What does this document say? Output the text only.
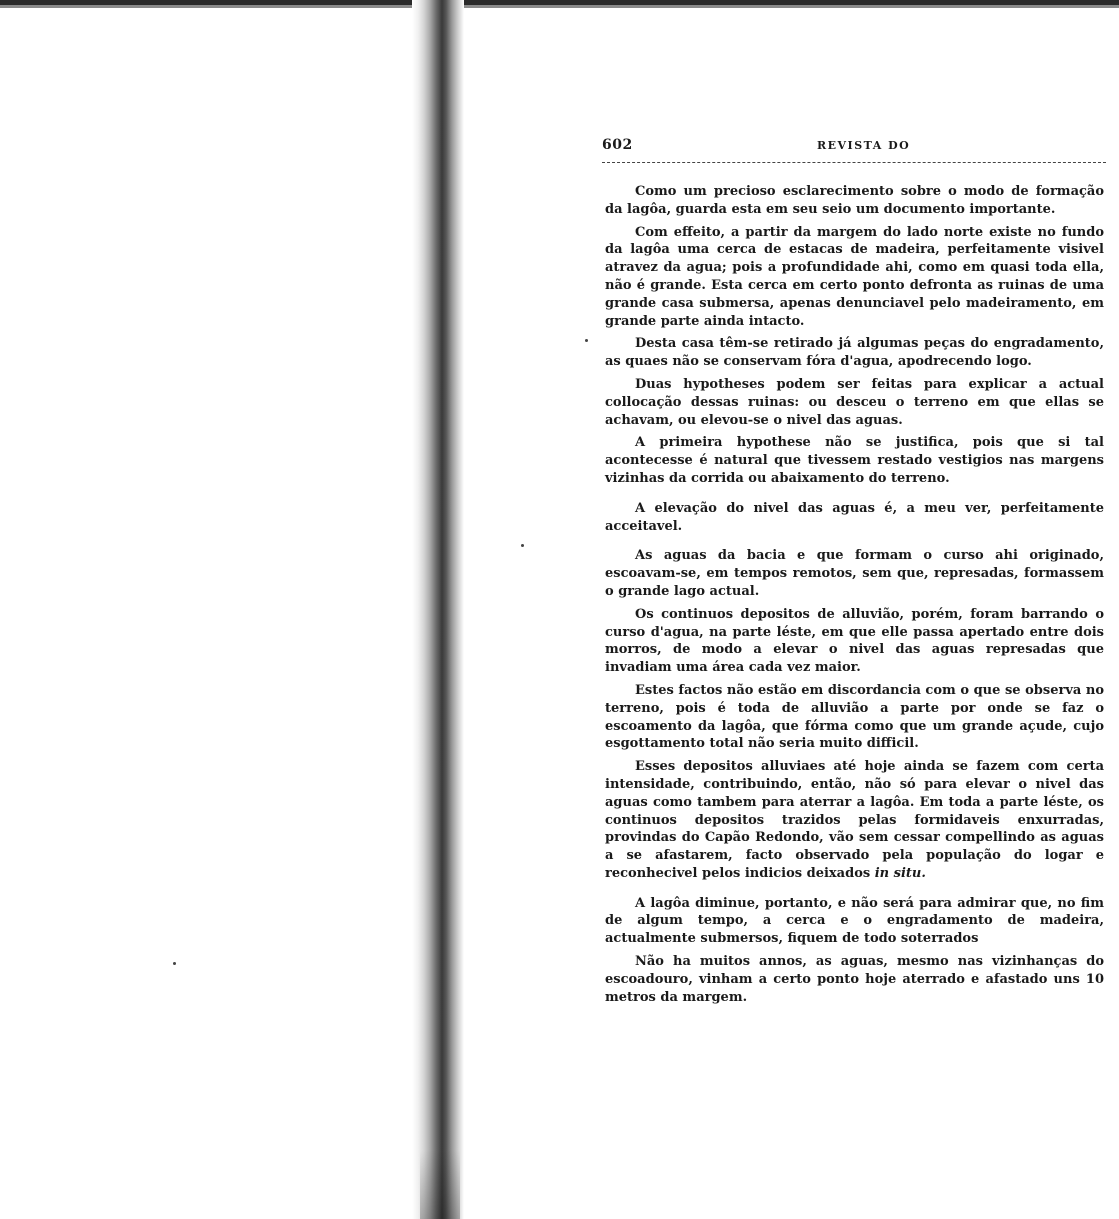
602	REVISTA DO

Como um precioso esclarecimento sobre o modo de formação da lagôa, guarda esta em seu seio um documento importante.

Com effeito, a partir da margem do lado norte existe no fundo da lagôa uma cerca de estacas de madeira, perfeitamente visivel atravez da agua; pois a profundidade ahi, como em quasi toda ella, não é grande. Esta cerca em certo ponto defronta as ruinas de uma grande casa submersa, apenas denunciavel pelo madeiramento, em grande parte ainda intacto.

Desta casa têm-se retirado já algumas peças do engradamento, as quaes não se conservam fóra d'agua, apodrecendo logo.

Duas hypotheses podem ser feitas para explicar a actual collocação dessas ruinas: ou desceu o terreno em que ellas se achavam, ou elevou-se o nivel das aguas.

A primeira hypothese não se justifica, pois que si tal acontecesse é natural que tivessem restado vestigios nas margens vizinhas da corrida ou abaixamento do terreno.

A elevação do nivel das aguas é, a meu ver, perfeitamente acceitavel.

As aguas da bacia e que formam o curso ahi originado, escoavam-se, em tempos remotos, sem que, represadas, formassem o grande lago actual.

Os continuos depositos de alluvião, porém, foram barrando o curso d'agua, na parte léste, em que elle passa apertado entre dois morros, de modo a elevar o nivel das aguas represadas que invadiam uma área cada vez maior.

Estes factos não estão em discordancia com o que se observa no terreno, pois é toda de alluvião a parte por onde se faz o escoamento da lagôa, que fórma como que um grande açude, cujo esgottamento total não seria muito difficil.

Esses depositos alluviaes até hoje ainda se fazem com certa intensidade, contribuindo, então, não só para elevar o nivel das aguas como tambem para aterrar a lagôa. Em toda a parte léste, os continuos depositos trazidos pelas formidaveis enxurradas, provindas do Capão Redondo, vão sem cessar compellindo as aguas a se afastarem, facto observado pela população do logar e reconhecivel pelos indicios deixados in situ.

A lagôa diminue, portanto, e não será para admirar que, no fim de algum tempo, a cerca e o engradamento de madeira, actualmente submersos, fiquem de todo soterrados

Não ha muitos annos, as aguas, mesmo nas vizinhanças do escoadouro, vinham a certo ponto hoje aterrado e afastado uns 10 metros da margem.
